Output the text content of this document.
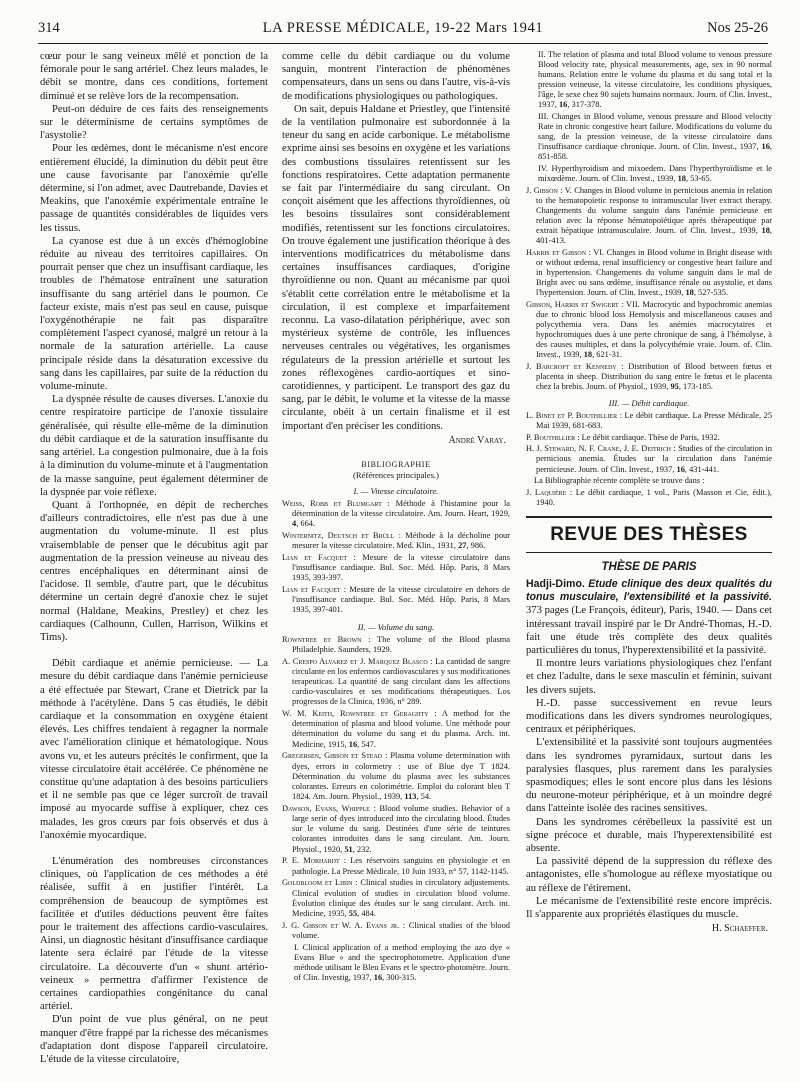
314	LA PRESSE MÉDICALE, 19-22 Mars 1941	Nos 25-26

cœur pour le sang veineux mêlé et ponction de la fémorale pour le sang artériel. Chez leurs malades, le débit se montre, dans ces conditions, fortement diminué et se relève lors de la recompensation.

Peut-on déduire de ces faits des renseignements sur le déterminisme de certains symptômes de l'asystolie?

Pour les œdèmes, dont le mécanisme n'est encore entièrement élucidé, la diminution du débit peut être une cause favorisante par l'anoxémie qu'elle détermine, si l'on admet, avec Dautrebande, Davies et Meakins, que l'anoxémie expérimentale entraîne le passage de quantités considérables de liquides vers les tissus.

La cyanose est due à un excès d'hémoglobine réduite au niveau des territoires capillaires. On pourrait penser que chez un insuffisant cardiaque, les troubles de l'hématose entraînent une saturation insuffisante du sang artériel dans le poumon. Ce facteur existe, mais n'est pas seul en cause, puisque l'oxygénothérapie ne fait pas disparaître complètement l'aspect cyanosé, malgré un retour à la normale de la saturation artérielle. La cause principale réside dans la désaturation excessive du sang dans les capillaires, par suite de la réduction du volume-minute.

La dyspnée résulte de causes diverses. L'anoxie du centre respiratoire participe de l'anoxie tissulaire généralisée, qui résulte elle-même de la diminution du débit cardiaque et de la saturation insuffisante du sang artériel. La congestion pulmonaire, due à la fois à la diminution du volume-minute et à l'augmentation de la masse sanguine, peut également déterminer de la dyspnée par voie réflexe.

Quant à l'orthopnée, en dépit de recherches d'ailleurs contradictoires, elle n'est pas due à une augmentation du volume-minute. Il est plus vraisemblable de penser que le décubitus agit par augmentation de la pression veineuse au niveau des centres encéphaliques en déterminant ainsi de l'acidose. Il semble, d'autre part, que le décubitus détermine un certain degré d'anoxie chez le sujet normal (Haldane, Meakins, Prestley) et chez les cardiaques (Calhounn, Cullen, Harrison, Wilkins et Tims).

Débit cardiaque et anémie pernicieuse. — La mesure du débit cardiaque dans l'anémie pernicieuse a été effectuée par Stewart, Crane et Dietrick par la méthode à l'acétylène. Dans 5 cas étudiés, le débit cardiaque et la consommation en oxygène étaient élevés. Les chiffres tendaient à regagner la normale avec l'amélioration clinique et hématologique. Nous avons vu, et les auteurs précités le confirment, que la vitesse circulatoire était accélérée. Ce phénomène ne constitue qu'une adaptation à des besoins particuliers et il ne semble pas que ce léger surcroît de travail imposé au myocarde suffise à expliquer, chez ces malades, les gros cœurs par fois observés et dus à l'anoxémie myocardique.

L'énumération des nombreuses circonstances cliniques, où l'application de ces méthodes a été réalisée, suffit à en justifier l'intérêt. La compréhension de beaucoup de symptômes est facilitée et d'utiles déductions peuvent être faites pour le traitement des affections cardio-vasculaires. Ainsi, un diagnostic hésitant d'insuffisance cardiaque latente sera éclairé par l'étude de la vitesse circulatoire. La découverte d'un « shunt artério-veineux » permettra d'affirmer l'existence de certaines cardiopathies congénitance du canal artériel.

D'un point de vue plus général, on ne peut manquer d'être frappé par la richesse des mécanismes d'adaptation dont dispose l'appareil circulatoire. L'étude de la vitesse circulatoire,

comme celle du débit cardiaque ou du volume sanguin, montrent l'interaction de phénomènes compensateurs, dans un sens ou dans l'autre, vis-à-vis de modifications physiologiques ou pathologiques.

On sait, depuis Haldane et Priestley, que l'intensité de la ventilation pulmonaire est subordonnée à la teneur du sang en acide carbonique. Le métabolisme exprime ainsi ses besoins en oxygène et les variations des combustions tissulaires retentissent sur les fonctions respiratoires. Cette adaptation permanente se fait par l'intermédiaire du sang circulant. On conçoit aisément que les affections thyroïdiennes, où les besoins tissulaires sont considérablement modifiés, retentissent sur les fonctions circulatoires. On trouve également une justification théorique à des interventions modificatrices du métabolisme dans certaines insuffisances cardiaques, d'origine thyroïdienne ou non. Quant au mécanisme par quoi s'établit cette corrélation entre le métabolisme et la circulation, il est complexe et imparfaitement reconnu. La vaso-dilatation périphérique, avec son mystérieux système de contrôle, les influences nerveuses centrales ou végétatives, les organismes régulateurs de la pression artérielle et surtout les zones réflexogènes cardio-aortiques et sino-carotidiennes, y participent. Le transport des gaz du sang, par le débit, le volume et la vitesse de la masse circulante, obéit à un certain finalisme et il est important d'en préciser les conditions.

André Varay.
BIBLIOGRAPHIE
(Références principales.)
I. — Vitesse circulatoire.

Weiss, Robb et Blumgart : Méthode à l'histamine pour la détermination de la vitesse circulatoire. Am. Journ. Heart, 1929, 4, 664.

Winternitz, Deutsch et Brüll : Méthode à la décholine pour mesurer la vitesse circulatoire. Med. Klin., 1931, 27, 986.

Lian et Facquet : Mesure de la vitesse circulatoire dans l'insuffisance cardiaque. Bul. Soc. Méd. Hôp. Paris, 8 Mars 1935, 393-397.

Lian et Facquet : Mesure de la vitesse circulatoire en dehors de l'insuffisance cardiaque. Bul. Soc. Méd. Hôp. Paris, 8 Mars 1935, 397-401.

II. — Volume du sang.

Rowntree et Brown : The volume of the Blood plasma Philadelphie. Saunders, 1929.

A. Crespo Alvarez et J. Marquez Blasco : La cantidad de sangre circulante en los enfermos cardiovasculares y sus modificationes terapeuticas. La quantité de sang circulant dans les affections cardio-vasculaires et ses modifications thérapeutiques. Los progressos de la Clinica, 1936, n° 289.

W. M. Keith, Rowntree et Geraghty : A method for the determination of plasma and blood volume. Une méthode pour détermination du volume du sang et du plasma. Arch. int. Medicine, 1915, 16, 547.

Gregersen, Gibson et Stead : Plasma volume determination with dyes, errors in colormetry : use of Blue dye T 1824. Détermination du volume du plasma avec les substances colorantes. Erreurs en colorimétrie. Emploi du colorant bleu T 1824. Am. Journ. Physiol., 1939, 113, 54.

Dawson, Evans, Whipple : Blood volume studies. Behavior of a large serie of dyes introduced into the circulating blood. Études sur le volume du sang. Destinées d'une série de teintures colorantes introduites dans le sang circulant. Am. Journ. Physiol., 1920, 51, 232.

P. E. Morhardt : Les réservoirs sanguins en physiologie et en pathologie. La Presse Médicale, 10 Juin 1933, n° 57, 1142-1145.

Goldbloom et Libin : Clinical studies in circulatory adjustements. Clinical evolution of studies in circulation blood volume. Évolution clinique des études sur le sang circulant. Arch. int. Medicine, 1935, 55, 484.

J. G. Gibson et W. A. Evans jr. : Clinical studies of the blood volume.

I. Clinical application of a method employing the azo dye « Evans Blue » and the spectrophotometre. Application d'une méthode utilisant le Bleu Evans et le spectro-photomètre. Journ. of Clin. Investig, 1937, 16, 300-315.

II. The relation of plasma and total Blood volume to venous pressure Blood velocity rate, physical measurements, age, sex in 90 normal humans. Relation entre le volume du plasma et du sang total et la pression veineuse, la vitesse circulatoire, les conditions physiques, l'âge, le sexe chez 90 sujets humains normaux. Journ. of Clin. Invest., 1937, 16, 317-378.

III. Changes in Blood volume, venous pressure and Blood velocity Rate in chronic congestive heart failure. Modifications du volume du sang, de la pression veineuse, de la vitesse circulatoire dans l'insuffisance cardiaque chronique. Journ. of Clin. Invest., 1937, 16, 851-858.

IV. Hyperthyroidism and mixoedem. Dans l'hyperthyroïdisme et le mixœdème. Journ. of Clin. Invest., 1939, 18, 53-65.

J. Gibson : V. Changes in Blood volume in pernicious anemia in relation to the hematopoietic response to intramuscular liver extract therapy. Changements du volume sanguin dans l'anémie pernicieuse en relation avec la réponse hématopoïétique après thérapeutique par extrait hépatique intramusculaire. Journ. of Clin. Invest., 1939, 18, 401-413.

Harris et Gibson : VI. Changes in Blood volume in Bright disease with or without œdema, renal insufficiency or congestive heart failure and in hypertension. Changements du volume sanguin dans le mal de Bright avec ou sans œdème, insuffisance rénale ou asystolie, et dans l'hypertension. Journ. of Clin. Invest., 1939, 18, 527-535.

Gibson, Harris et Swigert : VII. Macrocytic and hypochromic anemias due to chronic blood loss Hemolysis and miscellaneous causes and polycythemia vera. Dans les anémies macrocytaires et hypochromiques dues à une perte chronique de sang, à l'hémolyse, à des causes multiples, et dans la polycythémie vraie. Journ. of. Clin. Invest., 1939, 18, 621-31.

J. Barcroft et Kennedy : Distribution of Blood between fœtus et placenta in sheep. Distribution du sang entre le fœtus et le placenta chez la brebis. Journ. of Physiol., 1939, 95, 173-185.

III. — Débit cardiaque.

L. Binet et P. Bouthillier : Le débit cardiaque. La Presse Médicale, 25 Mai 1939, 681-683.

P. Bouthillier : Le débit cardiaque. Thèse de Paris, 1932.

H. J. Steward, N. F. Crane, J. E. Deitrich : Studies of the circulation in pernicious anemia. Études sur la circulation dans l'anémie pernicieuse. Journ. of Clin. Invest., 1937, 16, 431-441.

La Bibliographie récente complète se trouve dans :

J. Laquière : Le débit cardiaque, 1 vol., Paris (Masson et Cie, édit.), 1940.

REVUE DES THÈSES
THÈSE DE PARIS

Hadji-Dimo. Etude clinique des deux qualités du tonus musculaire, l'extensibilité et la passivité. 373 pages (Le François, éditeur), Paris, 1940. — Dans cet intéressant travail inspiré par le Dr André-Thomas, H.-D. fait une étude très complète des deux qualités particulières du tonus, l'hyperextensibilité et la passivité.

Il montre leurs variations physiologiques chez l'enfant et chez l'adulte, dans le sexe masculin et féminin, suivant les divers sujets.

H.-D. passe successivement en revue leurs modifications dans les divers syndromes neurologiques, centraux et périphériques.

L'extensibilité et la passivité sont toujours augmentées dans les syndromes pyramidaux, surtout dans les paralysies flasques, plus rarement dans les paralysies spasmodiques; elles le sont encore plus dans les lésions du neurone-moteur périphérique, et à un moindre degré dans l'atteinte isolée des racines sensitives.

Dans les syndromes cérébelleux la passivité est un signe précoce et durable, mais l'hyperextensibilité est absente.

La passivité dépend de la suppression du réflexe des antagonistes, elle s'homologue au réflexe myostatique ou au réflexe de l'étirement.

Le mécanisme de l'extensibilité reste encore imprécis. Il s'apparente aux propriétés élastiques du muscle.

H. Schaeffer.
